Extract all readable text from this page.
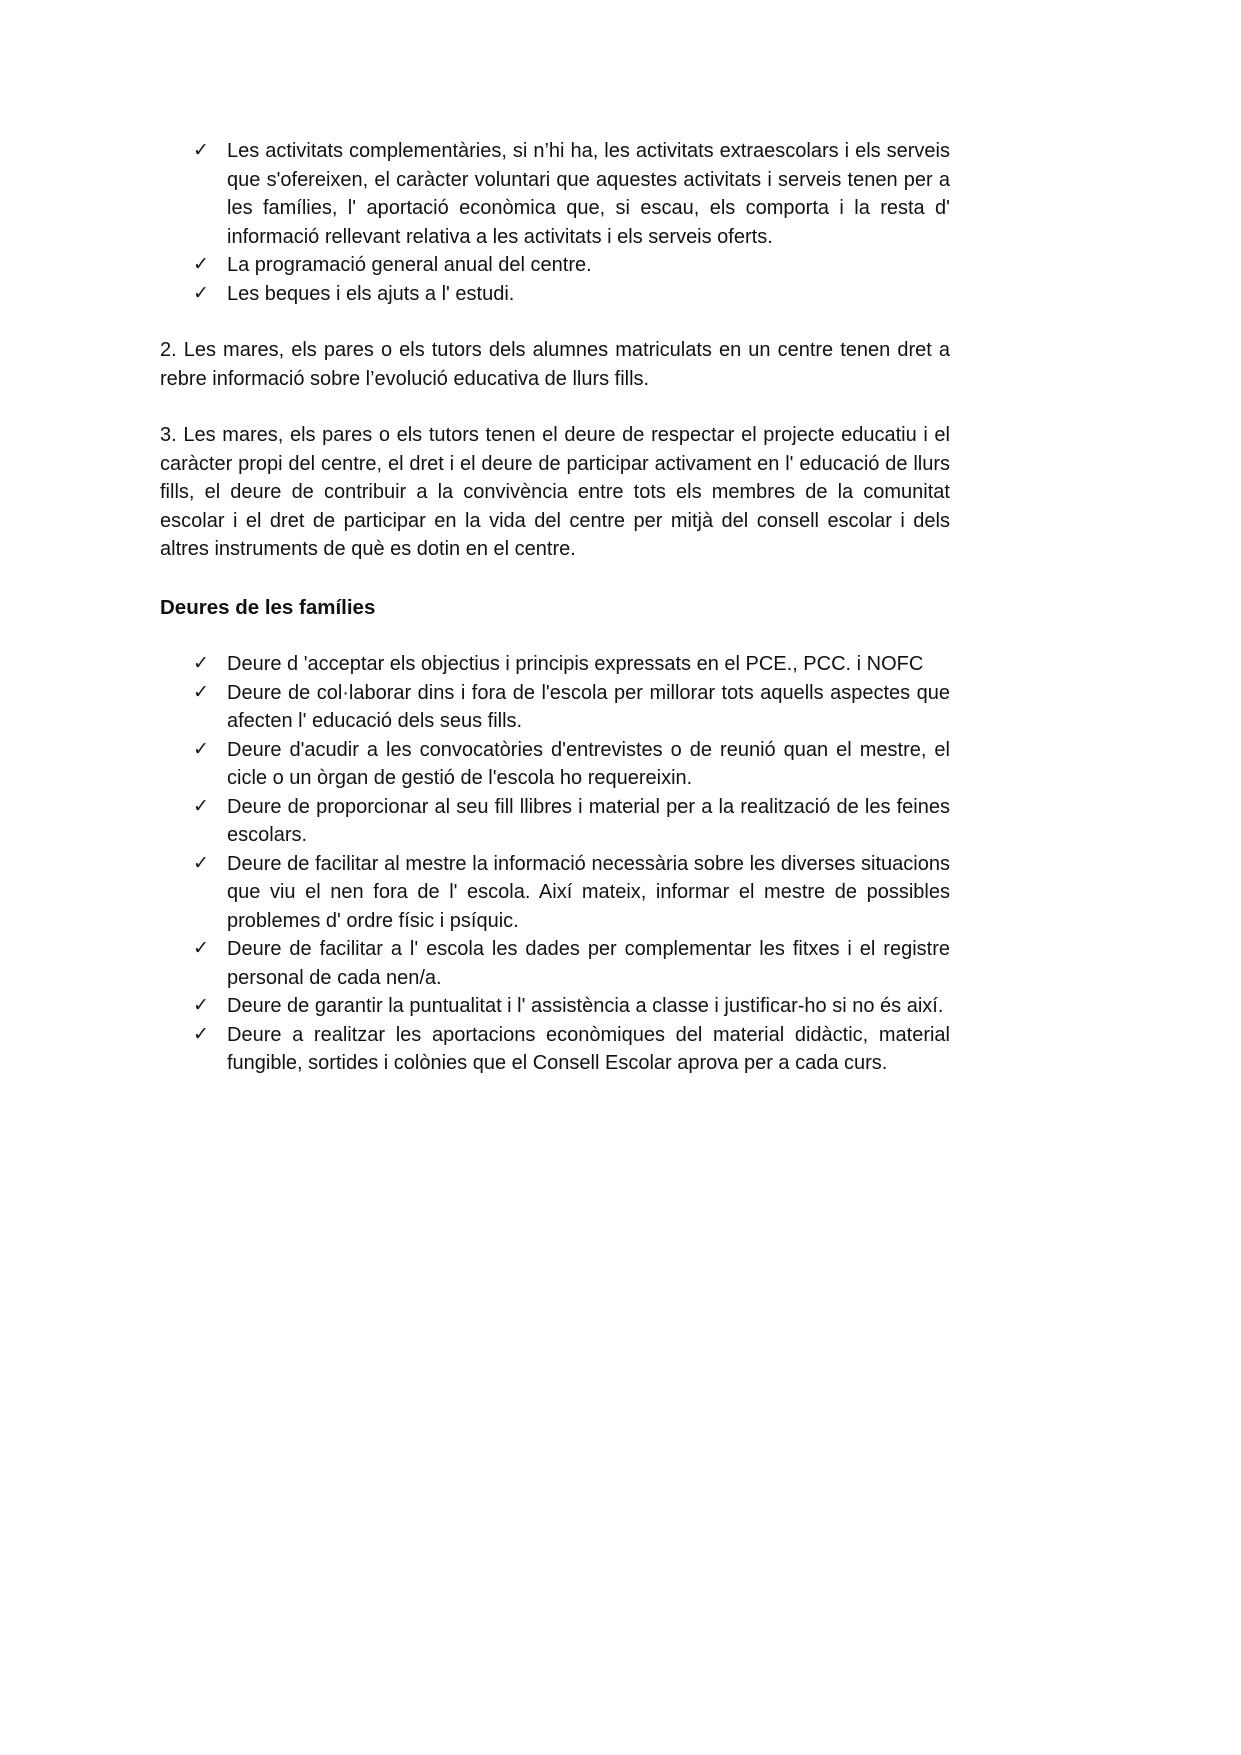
✓ Les activitats complementàries, si n’hi ha, les activitats extraescolars i els serveis que s'ofereixen, el caràcter voluntari que aquestes activitats i serveis tenen per a les famílies, l' aportació econòmica que, si escau, els comporta i la resta d' informació rellevant relativa a les activitats i els serveis oferts.
✓ La programació general anual del centre.
✓ Les beques i els ajuts a l' estudi.

2. Les mares, els pares o els tutors dels alumnes matriculats en un centre tenen dret a rebre informació sobre l’evolució educativa de llurs fills.

3. Les mares, els pares o els tutors tenen el deure de respectar el projecte educatiu i el caràcter propi del centre, el dret i el deure de participar activament en l' educació de llurs fills, el deure de contribuir a la convivència entre tots els membres de la comunitat escolar i el dret de participar en la vida del centre per mitjà del consell escolar i dels altres instruments de què es dotin en el centre.

Deures de les famílies
✓ Deure d 'acceptar els objectius i principis expressats en el PCE., PCC. i NOFC
✓ Deure de col·laborar dins i fora de l'escola per millorar tots aquells aspectes que afecten l' educació dels seus fills.
✓ Deure d'acudir a les convocatòries d'entrevistes o de reunió quan el mestre, el cicle o un òrgan de gestió de l'escola ho requereixin.
✓ Deure de proporcionar al seu fill llibres i material per a la realització de les feines escolars.
✓ Deure de facilitar al mestre la informació necessària sobre les diverses situacions que viu el nen fora de l' escola. Així mateix, informar el mestre de possibles problemes d' ordre físic i psíquic.
✓ Deure de facilitar a l' escola les dades per complementar les fitxes i el registre personal de cada nen/a.
✓ Deure de garantir la puntualitat i l' assistència a classe i justificar-ho si no és així.
✓ Deure a realitzar les aportacions econòmiques del material didàctic, material fungible, sortides i colònies que el Consell Escolar aprova per a cada curs.
